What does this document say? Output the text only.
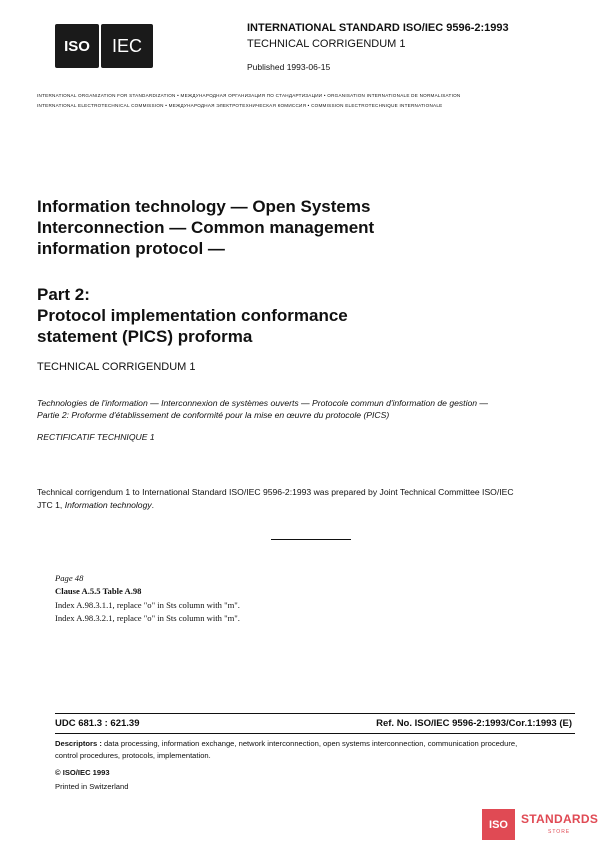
ISO IEC
INTERNATIONAL STANDARD ISO/IEC 9596-2:1993
TECHNICAL CORRIGENDUM 1
Published 1993-06-15
INTERNATIONAL ORGANIZATION FOR STANDARDIZATION • МЕЖДУНАРОДНАЯ ОРГАНИЗАЦИЯ ПО СТАНДАРТИЗАЦИИ • ORGANISATION INTERNATIONALE DE NORMALISATION
INTERNATIONAL ELECTROTECHNICAL COMMISSION • МЕЖДУНАРОДНАЯ ЭЛЕКТРОТЕХНИЧЕСКАЯ КОМИССИЯ • COMMISSION ELECTROTECHNIQUE INTERNATIONALE
Information technology — Open Systems
Interconnection — Common management
information protocol —
Part 2:
Protocol implementation conformance
statement (PICS) proforma
TECHNICAL CORRIGENDUM 1
Technologies de l'information — Interconnexion de systèmes ouverts — Protocole commun d'information de gestion —
Partie 2: Proforme d'établissement de conformité pour la mise en œuvre du protocole (PICS)
RECTIFICATIF TECHNIQUE 1
Technical corrigendum 1 to International Standard ISO/IEC 9596-2:1993 was prepared by Joint Technical Committee ISO/IEC
JTC 1, Information technology.
Page 48
Clause A.5.5 Table A.98
Index A.98.3.1.1, replace "o" in Sts column with "m".
Index A.98.3.2.1, replace "o" in Sts column with "m".
UDC 681.3 : 621.39	Ref. No. ISO/IEC 9596-2:1993/Cor.1:1993 (E)
Descriptors : data processing, information exchange, network interconnection, open systems interconnection, communication procedure,
control procedures, protocols, implementation.
© ISO/IEC 1993
Printed in Switzerland
ISO STANDARDS
STORE
